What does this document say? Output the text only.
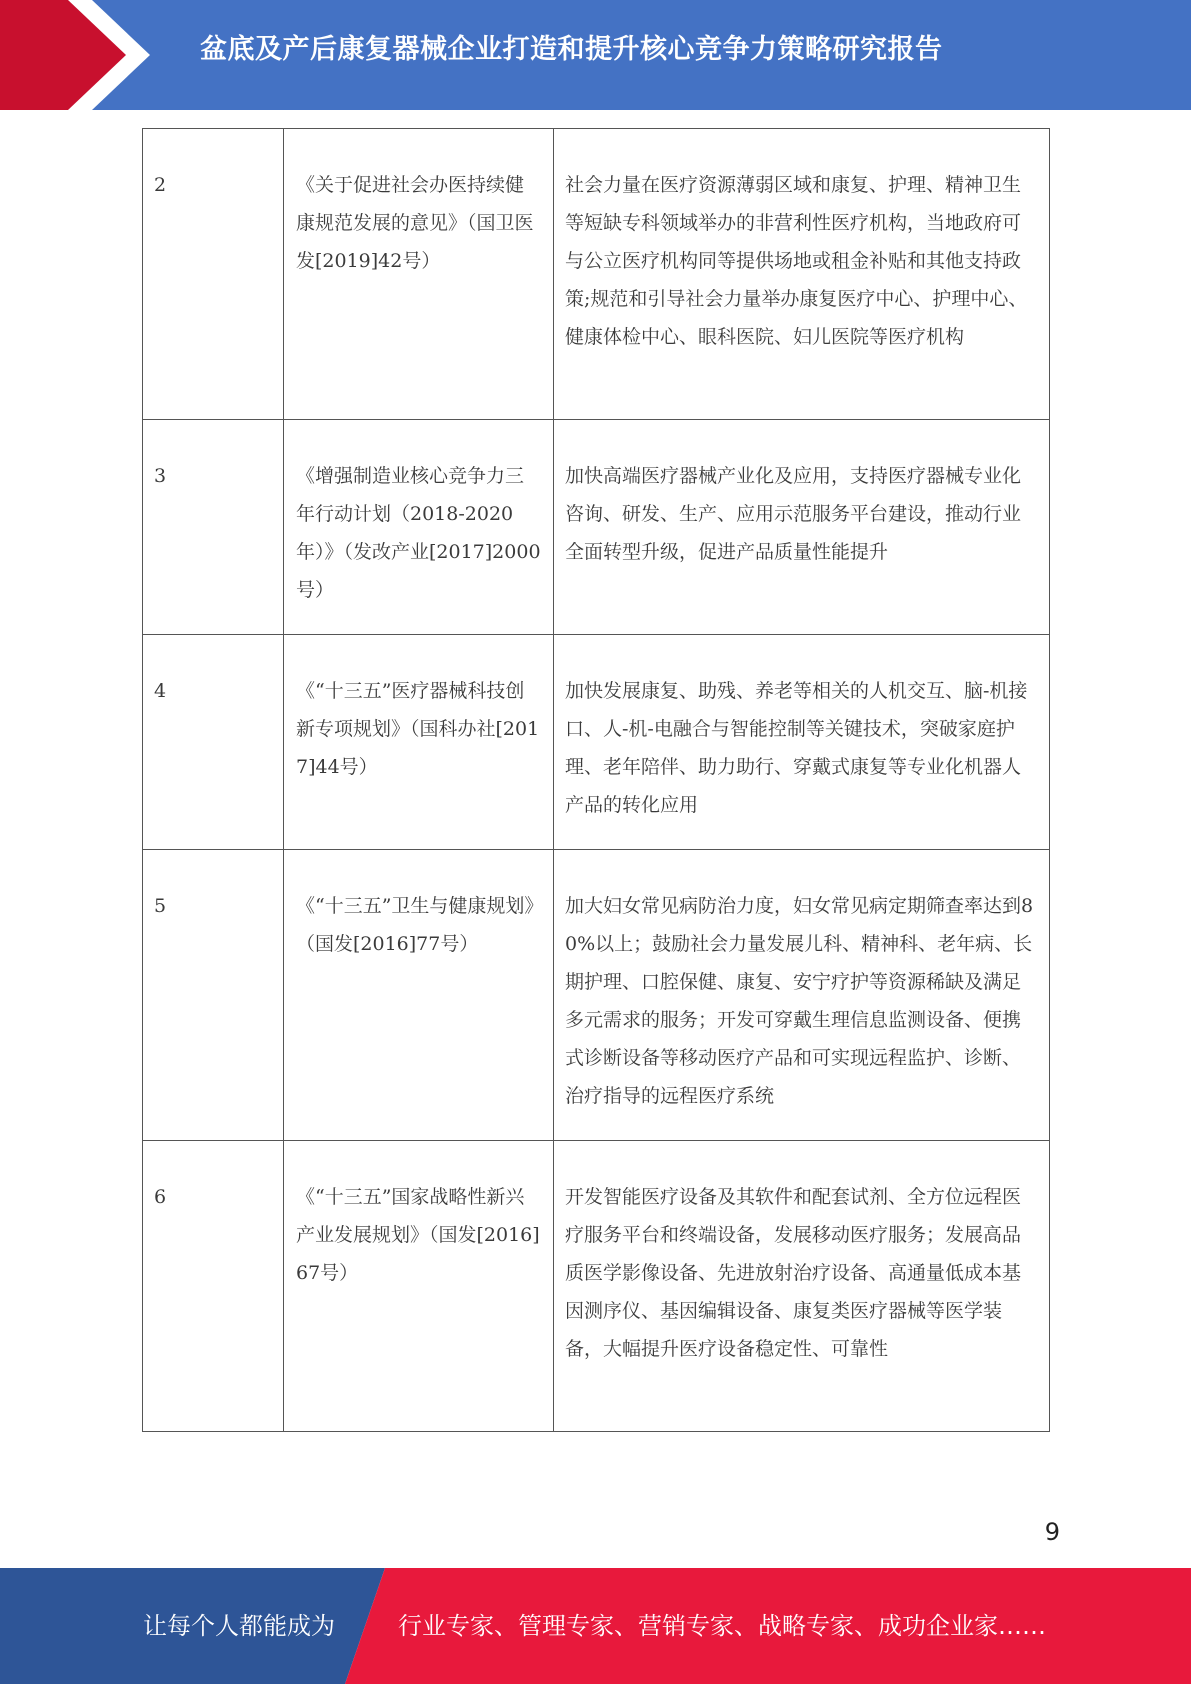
盆底及产后康复器械企业打造和提升核心竞争力策略研究报告
2	《关于促进社会办医持续健康规范发展的意见》（国卫医发[2019]42号）	社会力量在医疗资源薄弱区域和康复、护理、精神卫生等短缺专科领域举办的非营利性医疗机构，当地政府可与公立医疗机构同等提供场地或租金补贴和其他支持政策;规范和引导社会力量举办康复医疗中心、护理中心、健康体检中心、眼科医院、妇儿医院等医疗机构

3	《增强制造业核心竞争力三年行动计划（2018-2020年）》（发改产业[2017]2000号）	加快高端医疗器械产业化及应用，支持医疗器械专业化咨询、研发、生产、应用示范服务平台建设，推动行业全面转型升级，促进产品质量性能提升

4	《“十三五”医疗器械科技创新专项规划》（国科办社[2017]44号）	加快发展康复、助残、养老等相关的人机交互、脑-机接口、人-机-电融合与智能控制等关键技术，突破家庭护理、老年陪伴、助力助行、穿戴式康复等专业化机器人产品的转化应用

5	《“十三五”卫生与健康规划》（国发[2016]77号）	加大妇女常见病防治力度，妇女常见病定期筛查率达到80%以上；鼓励社会力量发展儿科、精神科、老年病、长期护理、口腔保健、康复、安宁疗护等资源稀缺及满足多元需求的服务；开发可穿戴生理信息监测设备、便携式诊断设备等移动医疗产品和可实现远程监护、诊断、治疗指导的远程医疗系统

6	《“十三五”国家战略性新兴产业发展规划》（国发[2016]67号）	开发智能医疗设备及其软件和配套试剂、全方位远程医疗服务平台和终端设备，发展移动医疗服务；发展高品质医学影像设备、先进放射治疗设备、高通量低成本基因测序仪、基因编辑设备、康复类医疗器械等医学装备，大幅提升医疗设备稳定性、可靠性
9
让每个人都能成为	行业专家、管理专家、营销专家、战略专家、成功企业家……
